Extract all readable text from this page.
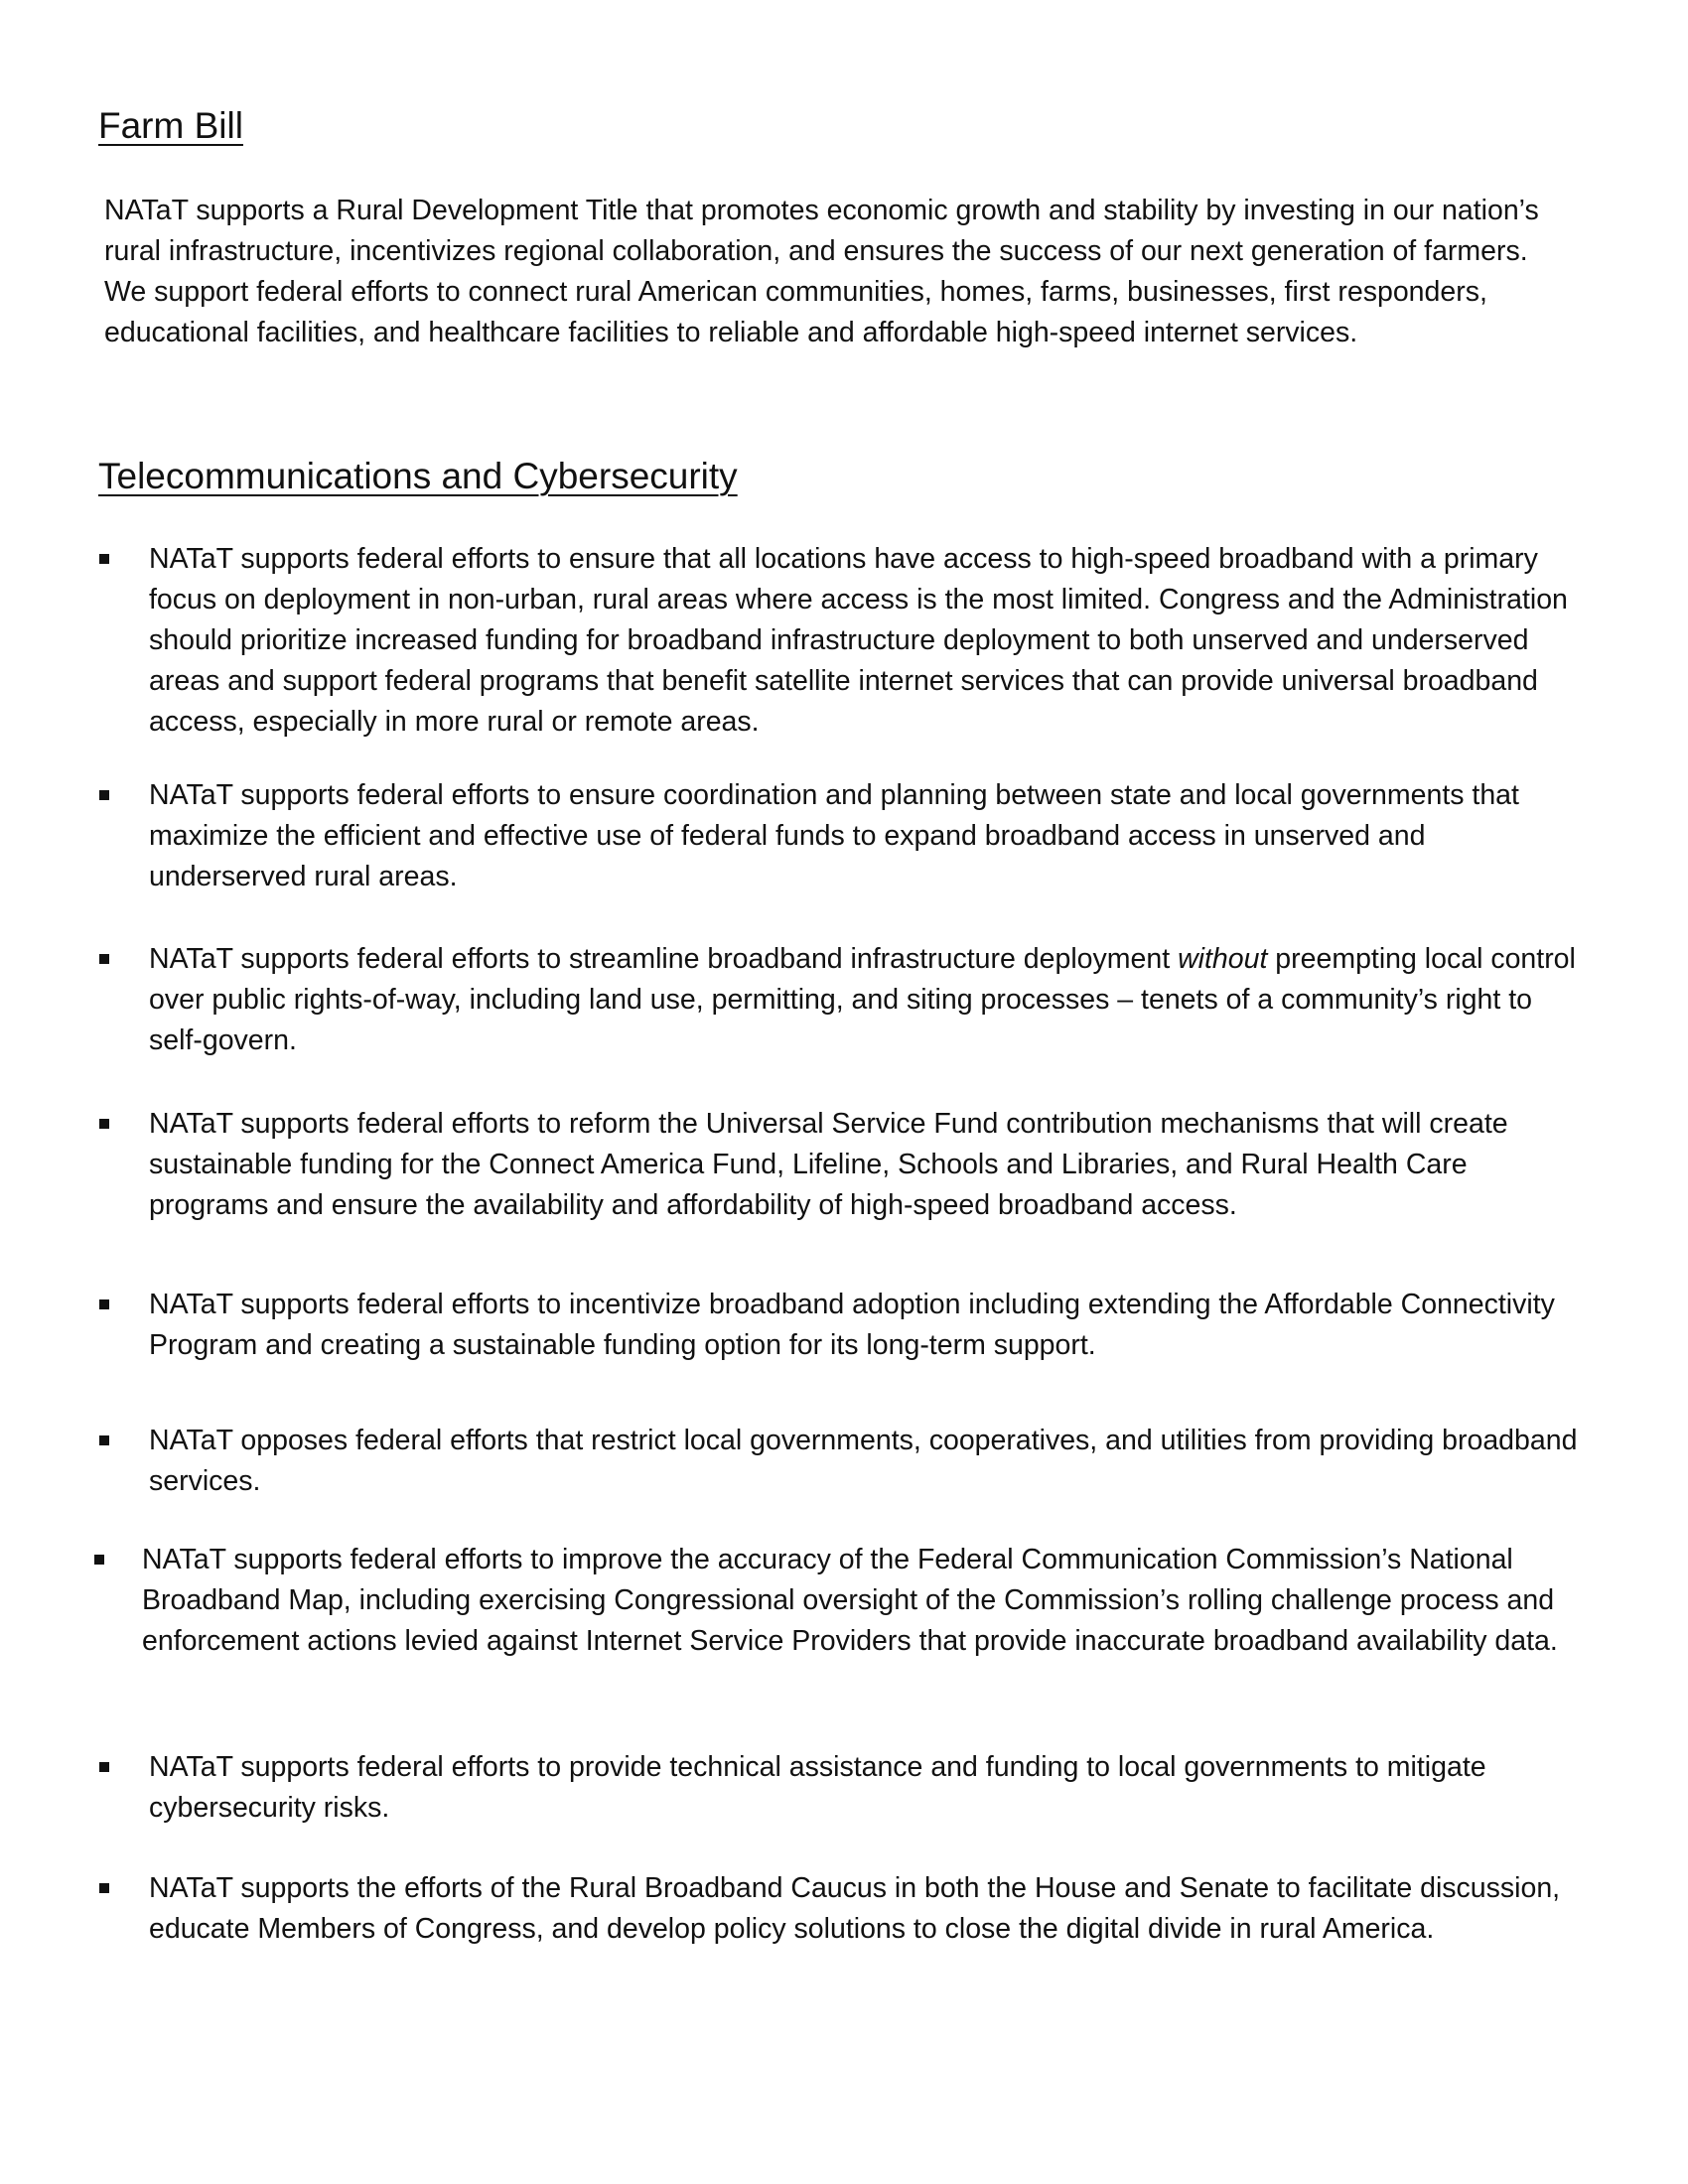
Farm Bill

NATaT supports a Rural Development Title that promotes economic growth and stability by investing in our nation’s rural infrastructure, incentivizes regional collaboration, and ensures the success of our next generation of farmers. We support federal efforts to connect rural American communities, homes, farms, businesses, first responders, educational facilities, and healthcare facilities to reliable and affordable high-speed internet services.

Telecommunications and Cybersecurity

NATaT supports federal efforts to ensure that all locations have access to high-speed broadband with a primary focus on deployment in non-urban, rural areas where access is the most limited. Congress and the Administration should prioritize increased funding for broadband infrastructure deployment to both unserved and underserved areas and support federal programs that benefit satellite internet services that can provide universal broadband access, especially in more rural or remote areas.

NATaT supports federal efforts to ensure coordination and planning between state and local governments that maximize the efficient and effective use of federal funds to expand broadband access in unserved and underserved rural areas.

NATaT supports federal efforts to streamline broadband infrastructure deployment without preempting local control over public rights-of-way, including land use, permitting, and siting processes – tenets of a community’s right to self-govern.

NATaT supports federal efforts to reform the Universal Service Fund contribution mechanisms that will create sustainable funding for the Connect America Fund, Lifeline, Schools and Libraries, and Rural Health Care programs and ensure the availability and affordability of high-speed broadband access.

NATaT supports federal efforts to incentivize broadband adoption including extending the Affordable Connectivity Program and creating a sustainable funding option for its long-term support.

NATaT opposes federal efforts that restrict local governments, cooperatives, and utilities from providing broadband services.

NATaT supports federal efforts to improve the accuracy of the Federal Communication Commission’s National Broadband Map, including exercising Congressional oversight of the Commission’s rolling challenge process and enforcement actions levied against Internet Service Providers that provide inaccurate broadband availability data.

NATaT supports federal efforts to provide technical assistance and funding to local governments to mitigate cybersecurity risks.

NATaT supports the efforts of the Rural Broadband Caucus in both the House and Senate to facilitate discussion, educate Members of Congress, and develop policy solutions to close the digital divide in rural America.
